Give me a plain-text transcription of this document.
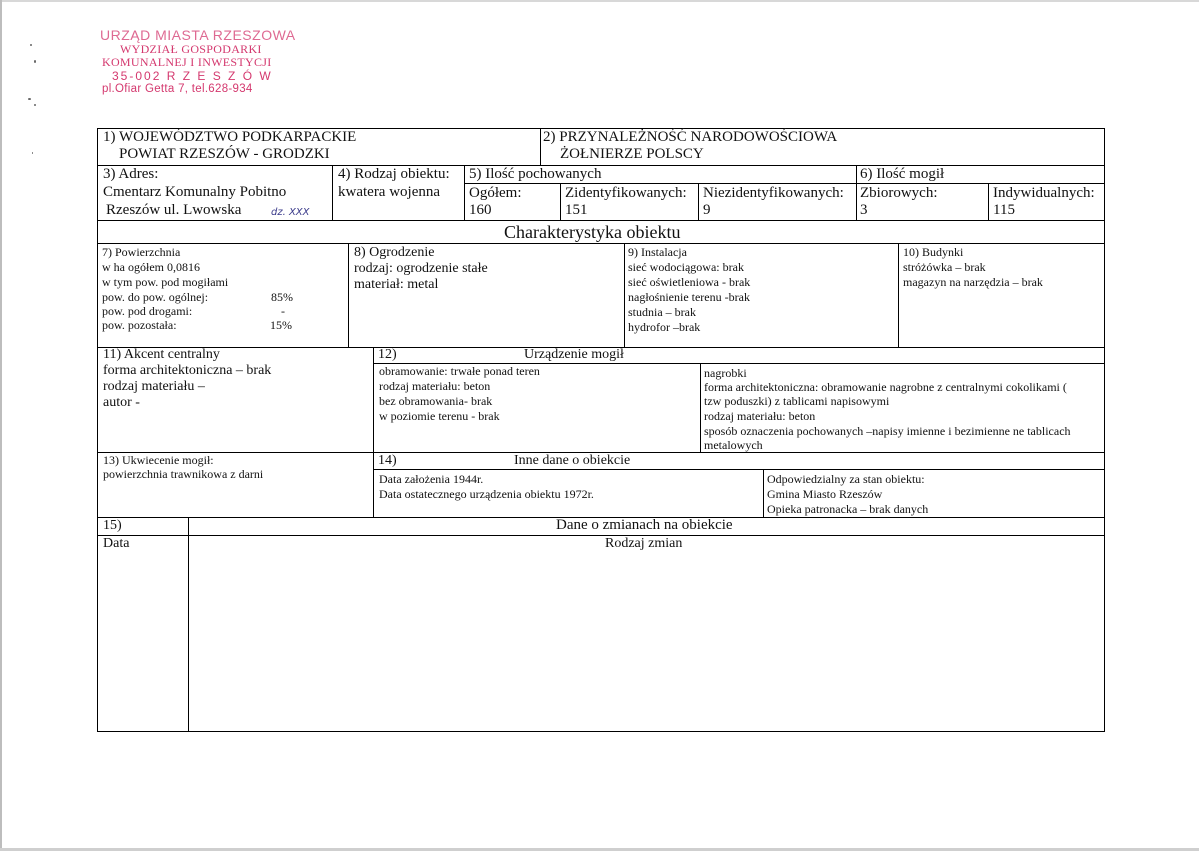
URZĄD MIASTA RZESZOWA
WYDZIAŁ GOSPODARKI
KOMUNALNEJ I INWESTYCJI
35-002 R Z E S Z Ó W
pl.Ofiar Getta 7, tel.628-934
1) WOJEWÓDZTWO PODKARPACKIE
POWIAT RZESZÓW - GRODZKI
2) PRZYNALEŻNOŚĆ NARODOWOŚCIOWA
ŻOŁNIERZE POLSCY
3) Adres:
Cmentarz Komunalny Pobitno
Rzeszów ul. Lwowska	dz. XXX
4) Rodzaj obiektu:
kwatera wojenna
5) Ilość pochowanych
Ogółem:
160
Zidentyfikowanych:
151
Niezidentyfikowanych:
9
6) Ilość mogił
Zbiorowych:
3
Indywidualnych:
115
Charakterystyka obiektu
7) Powierzchnia
w ha ogółem 0,0816
w tym pow. pod mogiłami
pow. do pow. ogólnej:	85%
pow. pod drogami:	-
pow. pozostała:	15%
8) Ogrodzenie
rodzaj: ogrodzenie stałe
materiał: metal
9) Instalacja
sieć wodociągowa: brak
sieć oświetleniowa - brak
nagłośnienie terenu -brak
studnia – brak
hydrofor –brak
10) Budynki
stróżówka – brak
magazyn na narzędzia – brak
11) Akcent centralny
forma architektoniczna – brak
rodzaj materiału –
autor -
12)	Urządzenie mogił
obramowanie: trwałe ponad teren
rodzaj materiału: beton
bez obramowania- brak
w poziomie terenu - brak
nagrobki
forma architektoniczna: obramowanie nagrobne z centralnymi cokolikami (
tzw poduszki) z tablicami napisowymi
rodzaj materiału: beton
sposób oznaczenia pochowanych –napisy imienne i bezimienne ne tablicach
metalowych
13) Ukwiecenie mogił:
powierzchnia trawnikowa z darni
14)	Inne dane o obiekcie
Data założenia 1944r.
Data ostatecznego urządzenia obiektu 1972r.
Odpowiedzialny za stan obiektu:
Gmina Miasto Rzeszów
Opieka patronacka – brak danych
15)	Dane o zmianach na obiekcie
Data	Rodzaj zmian
